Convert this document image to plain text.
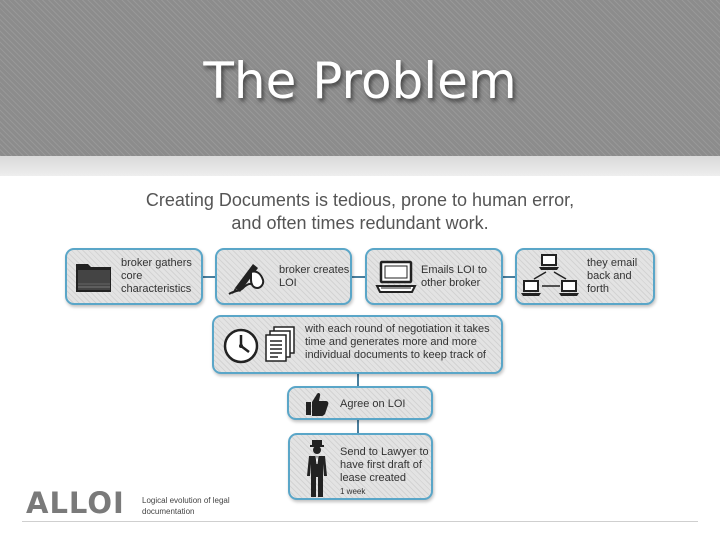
The Problem
Creating Documents is tedious, prone to human error, and often times redundant work.
broker gathers core characteristics
broker creates LOI
Emails LOI to other broker
they email back and forth
with each round of negotiation it takes time and generates more and more individual documents to keep track of
Agree on LOI
Send to Lawyer to have first draft of lease created
1 week
ALLOI Logical evolution of legal documentation
